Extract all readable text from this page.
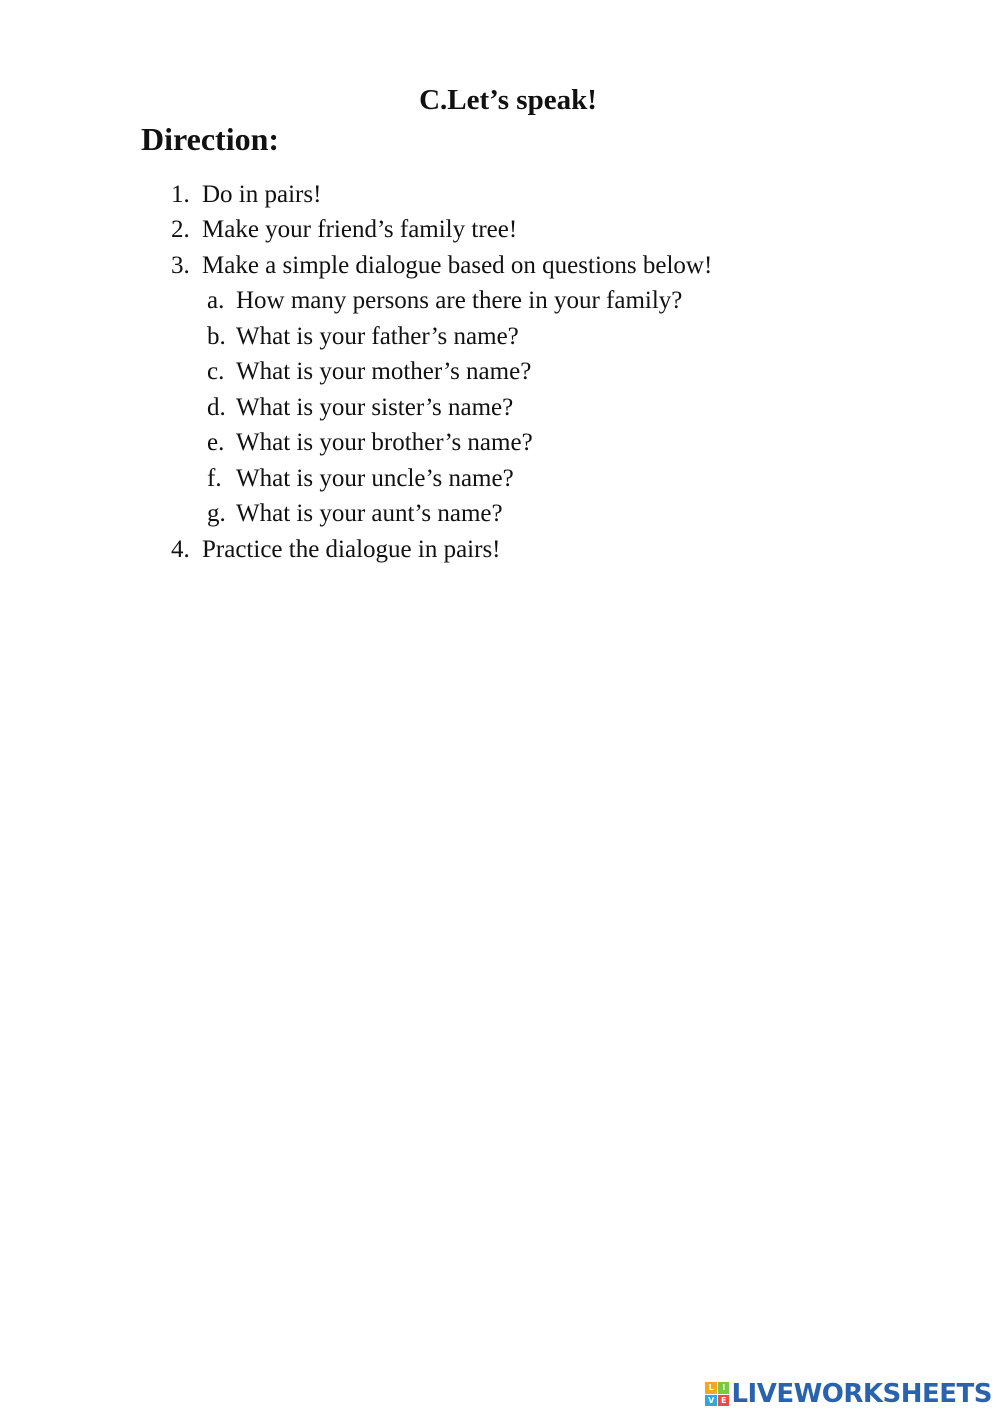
C.Let’s speak!
Direction:
1. Do in pairs!
2. Make your friend’s family tree!
3. Make a simple dialogue based on questions below!
a. How many persons are there in your family?
b. What is your father’s name?
c. What is your mother’s name?
d. What is your sister’s name?
e. What is your brother’s name?
f. What is your uncle’s name?
g. What is your aunt’s name?
4. Practice the dialogue in pairs!
L	I
V E LIVEWORKSHEETS
